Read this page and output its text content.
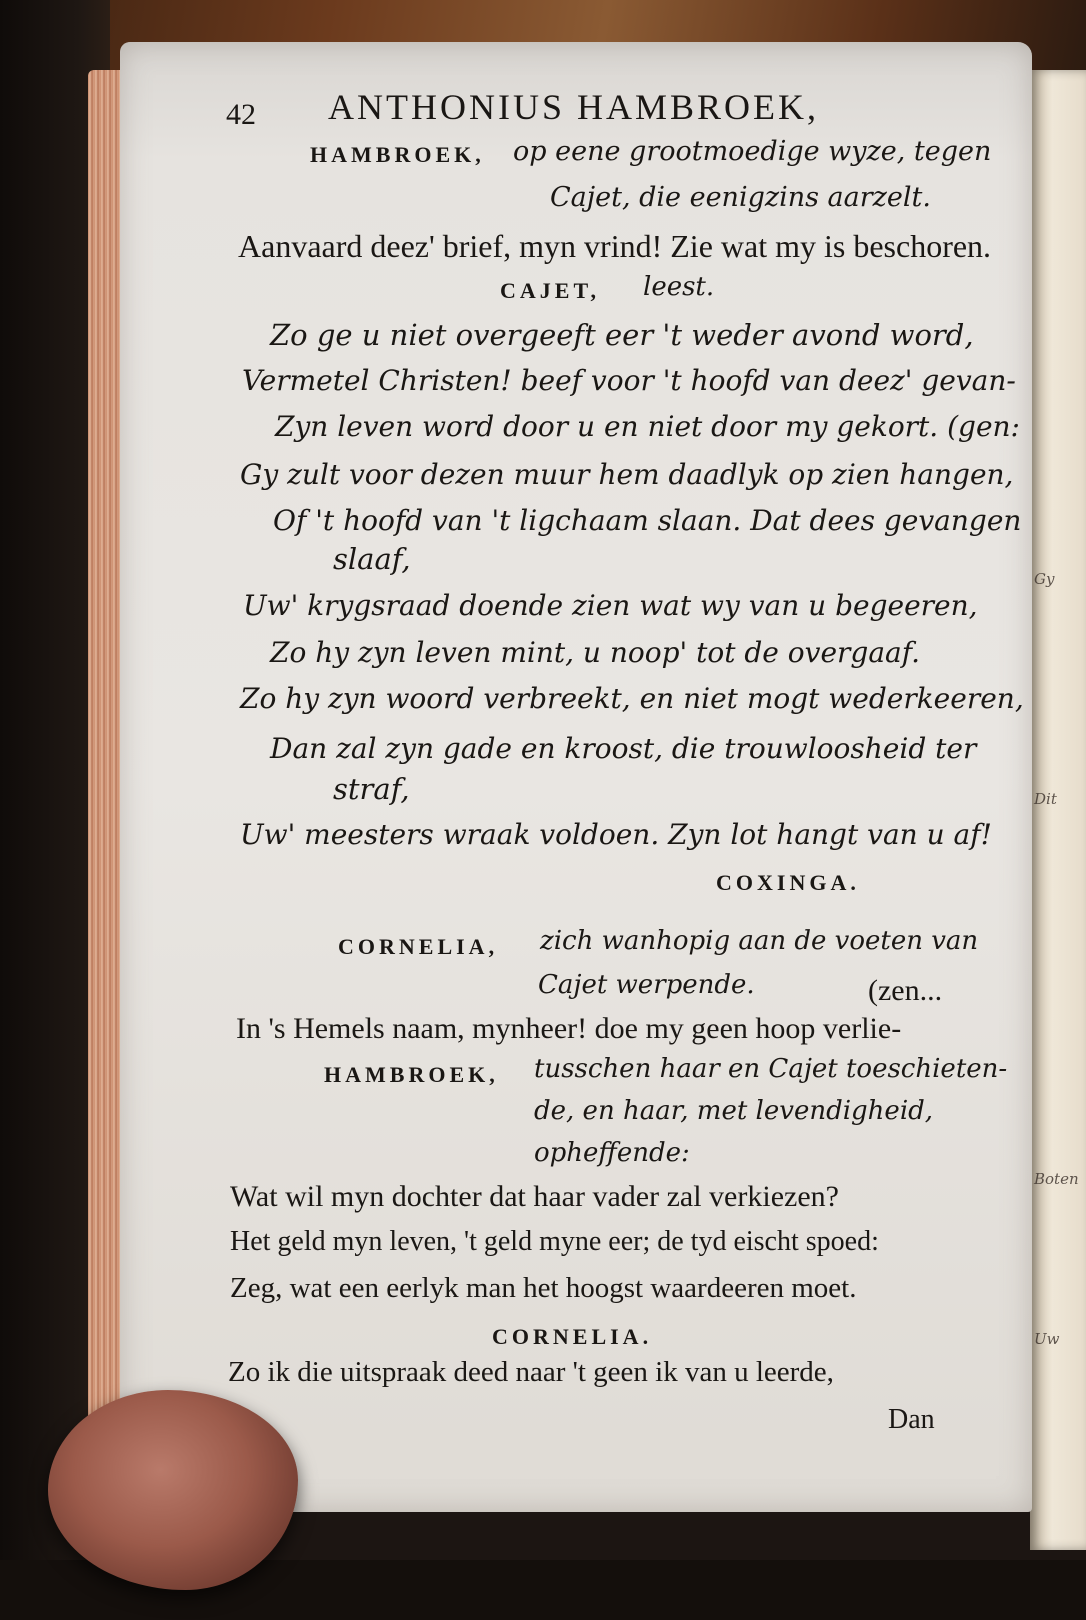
Gy
Dit
Boten
Uw
42 ANTHONIUS HAMBROEK,
HAMBROEK, op eene grootmoedige wyze, tegen
Cajet, die eenigzins aarzelt.
Aanvaard deez' brief, myn vrind! Zie wat my is beschoren.
CAJET, leest.
Zo ge u niet overgeeft eer 't weder avond word,
Vermetel Christen! beef voor 't hoofd van deez' gevan-
Zyn leven word door u en niet door my gekort. (gen:
Gy zult voor dezen muur hem daadlyk op zien hangen,
Of 't hoofd van 't ligchaam slaan. Dat dees gevangen
slaaf,
Uw' krygsraad doende zien wat wy van u begeeren,
Zo hy zyn leven mint, u noop' tot de overgaaf.
Zo hy zyn woord verbreekt, en niet mogt wederkeeren,
Dan zal zyn gade en kroost, die trouwloosheid ter
straf,
Uw' meesters wraak voldoen. Zyn lot hangt van u af!
COXINGA.
CORNELIA, zich wanhopig aan de voeten van
Cajet werpende.	(zen...
In 's Hemels naam, mynheer! doe my geen hoop verlie-
HAMBROEK, tusschen haar en Cajet toeschieten-
de, en haar, met levendigheid,
opheffende:
Wat wil myn dochter dat haar vader zal verkiezen?
Het geld myn leven, 't geld myne eer; de tyd eischt spoed:
Zeg, wat een eerlyk man het hoogst waardeeren moet.
CORNELIA.
Zo ik die uitspraak deed naar 't geen ik van u leerde,
Dan
